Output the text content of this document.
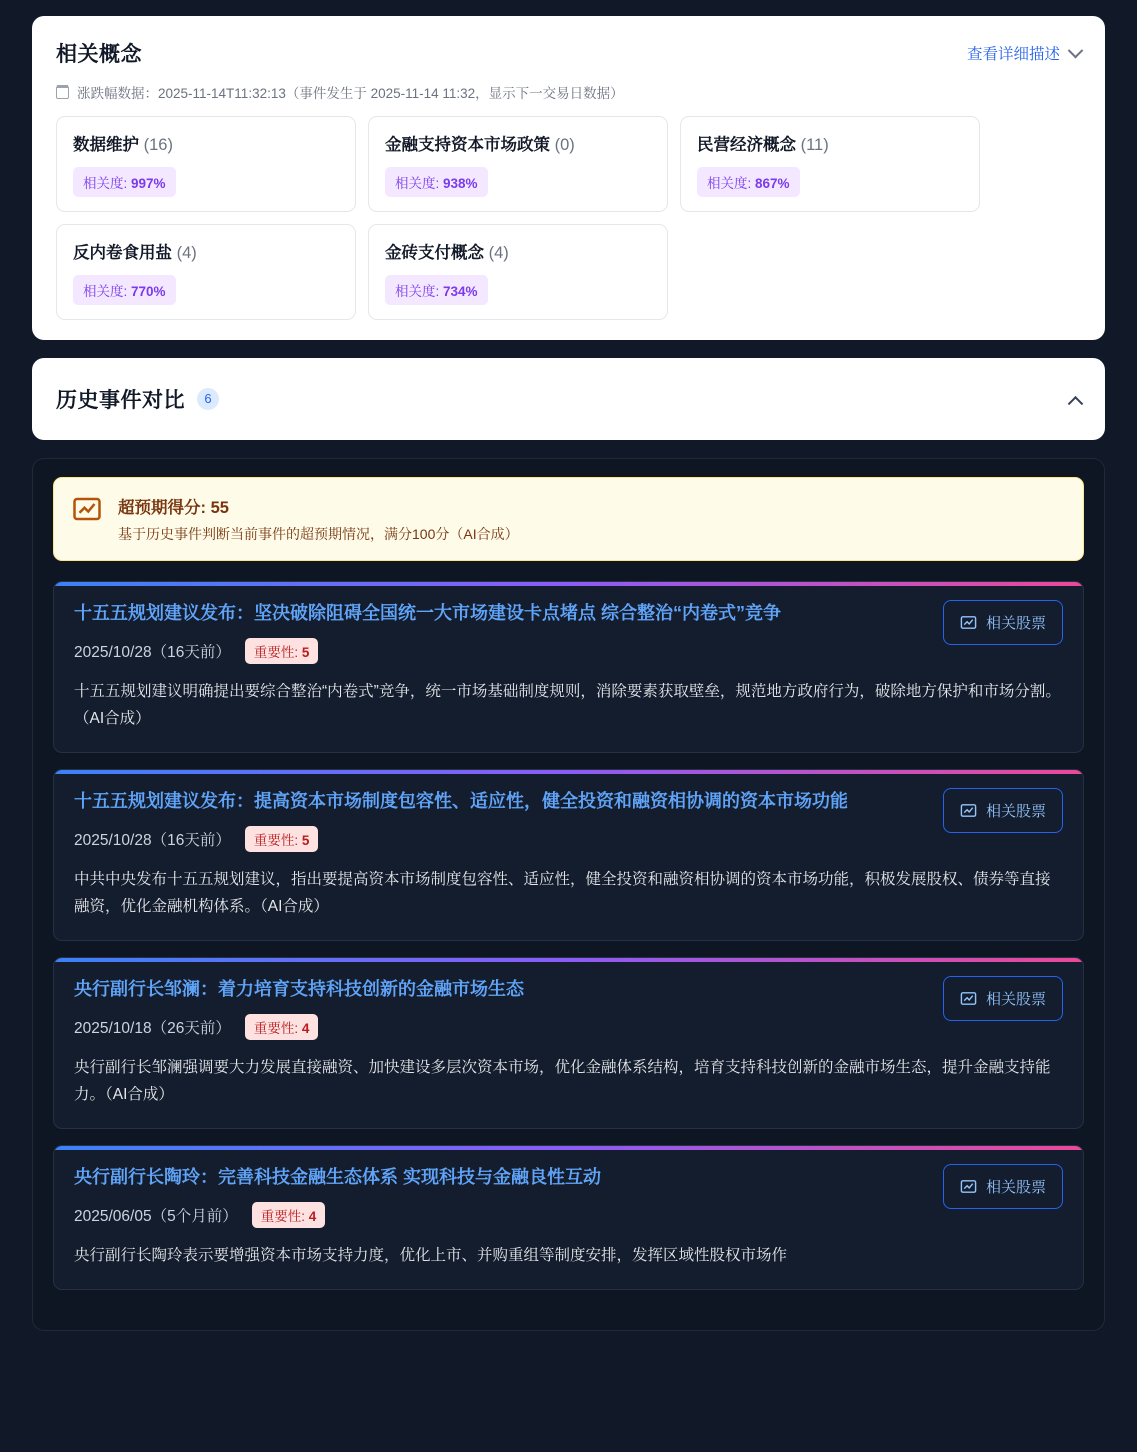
相关概念	查看详细描述
涨跌幅数据：2025-11-14T11:32:13（事件发生于 2025-11-14 11:32，显示下一交易日数据）
数据维护 (16)
相关度: 997%
金融支持资本市场政策 (0)
相关度: 938%
民营经济概念 (11)
相关度: 867%
反内卷食用盐 (4)
相关度: 770%
金砖支付概念 (4)
相关度: 734%
历史事件对比	6
超预期得分: 55
基于历史事件判断当前事件的超预期情况，满分100分（AI合成）
十五五规划建议发布：坚决破除阻碍全国统一大市场建设卡点堵点 综合整治“内卷式”竞争
2025/10/28（16天前）	重要性: 5
相关股票
十五五规划建议明确提出要综合整治“内卷式”竞争，统一市场基础制度规则，消除要素获取壁垒，规范地方政府行为，破除地方保护和市场分割。（AI合成）
十五五规划建议发布：提高资本市场制度包容性、适应性，健全投资和融资相协调的资本市场功能
2025/10/28（16天前）	重要性: 5
相关股票
中共中央发布十五五规划建议，指出要提高资本市场制度包容性、适应性，健全投资和融资相协调的资本市场功能，积极发展股权、债券等直接融资，优化金融机构体系。（AI合成）
央行副行长邹澜：着力培育支持科技创新的金融市场生态
2025/10/18（26天前）	重要性: 4
相关股票
央行副行长邹澜强调要大力发展直接融资、加快建设多层次资本市场，优化金融体系结构，培育支持科技创新的金融市场生态，提升金融支持能力。（AI合成）
央行副行长陶玲：完善科技金融生态体系 实现科技与金融良性互动
2025/06/05（5个月前）	重要性: 4
相关股票
央行副行长陶玲表示要增强资本市场支持力度，优化上市、并购重组等制度安排，发挥区域性股权市场作
